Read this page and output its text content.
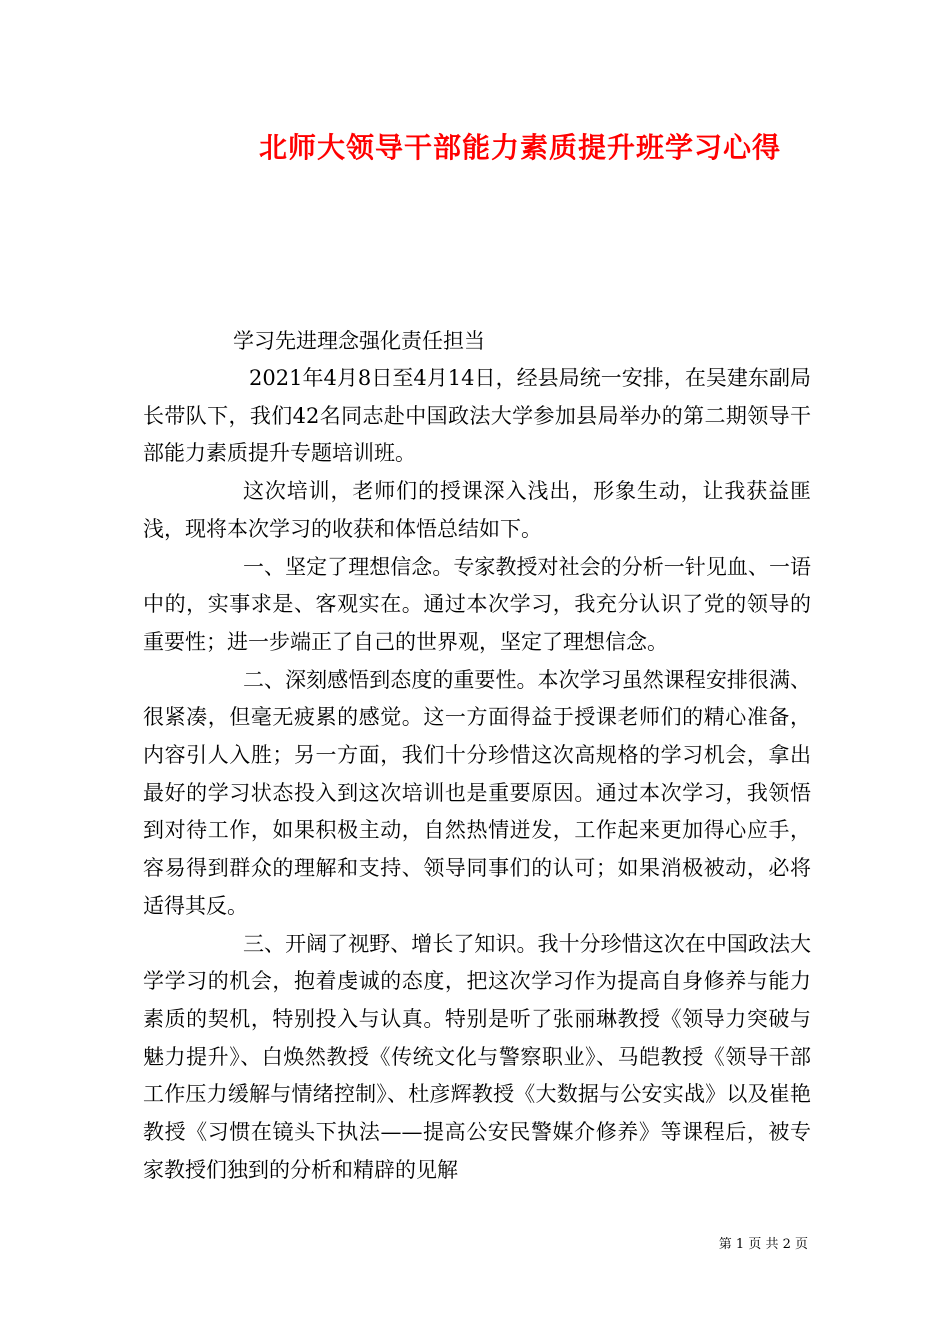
北师大领导干部能力素质提升班学习心得
学习先进理念强化责任担当

2021年4月8日至4月14日，经县局统一安排，在吴建东副局长带队下，我们42名同志赴中国政法大学参加县局举办的第二期领导干部能力素质提升专题培训班。

这次培训，老师们的授课深入浅出，形象生动，让我获益匪浅，现将本次学习的收获和体悟总结如下。

一、坚定了理想信念。专家教授对社会的分析一针见血、一语中的，实事求是、客观实在。通过本次学习，我充分认识了党的领导的重要性；进一步端正了自己的世界观，坚定了理想信念。

二、深刻感悟到态度的重要性。本次学习虽然课程安排很满、很紧凑，但毫无疲累的感觉。这一方面得益于授课老师们的精心准备，内容引人入胜；另一方面，我们十分珍惜这次高规格的学习机会，拿出最好的学习状态投入到这次培训也是重要原因。通过本次学习，我领悟到对待工作，如果积极主动，自然热情迸发，工作起来更加得心应手，容易得到群众的理解和支持、领导同事们的认可；如果消极被动，必将适得其反。

三、开阔了视野、增长了知识。我十分珍惜这次在中国政法大学学习的机会，抱着虔诚的态度，把这次学习作为提高自身修养与能力素质的契机，特别投入与认真。特别是听了张丽琳教授《领导力突破与魅力提升》、白焕然教授《传统文化与警察职业》、马皑教授《领导干部工作压力缓解与情绪控制》、杜彦辉教授《大数据与公安实战》以及崔艳教授《习惯在镜头下执法——提高公安民警媒介修养》等课程后，被专家教授们独到的分析和精辟的见解

第 1 页 共 2 页
